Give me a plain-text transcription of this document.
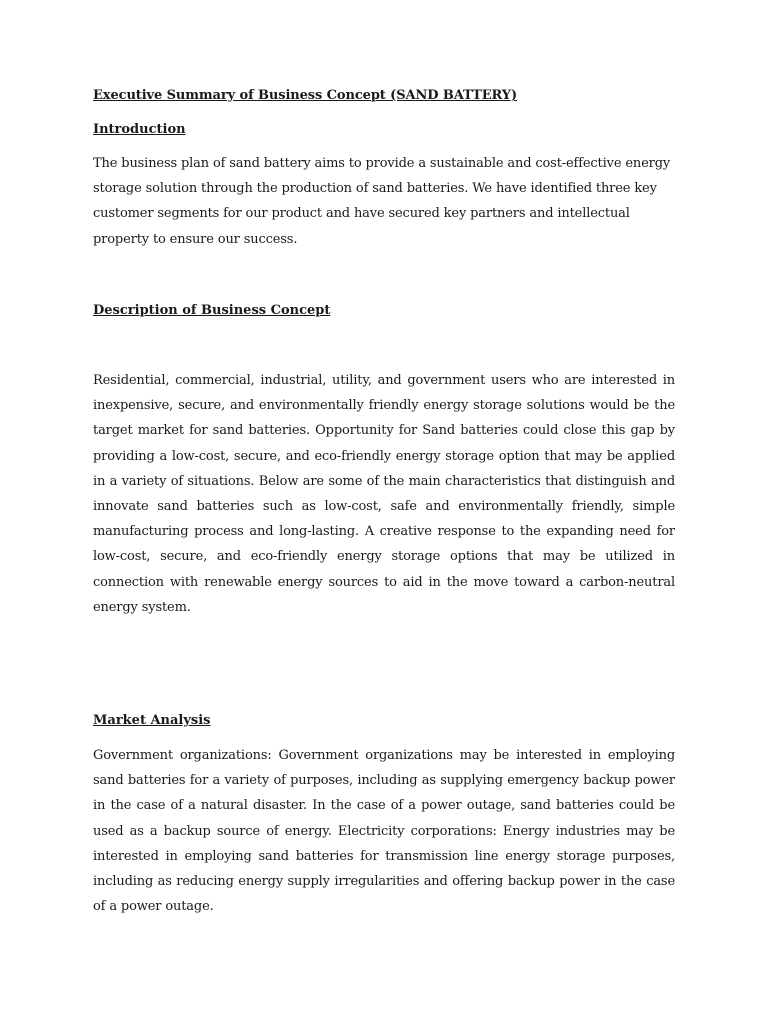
Executive Summary of Business Concept (SAND BATTERY)
Introduction

The business plan of sand battery aims to provide a sustainable and cost-effective energy storage solution through the production of sand batteries. We have identified three key customer segments for our product and have secured key partners and intellectual property to ensure our success.

Description of Business Concept

Residential, commercial, industrial, utility, and government users who are interested in inexpensive, secure, and environmentally friendly energy storage solutions would be the target market for sand batteries. Opportunity for Sand batteries could close this gap by providing a low-cost, secure, and eco-friendly energy storage option that may be applied in a variety of situations. Below are some of the main characteristics that distinguish and innovate sand batteries such as low-cost, safe and environmentally friendly, simple manufacturing process and long-lasting. A creative response to the expanding need for low-cost, secure, and eco-friendly energy storage options that may be utilized in connection with renewable energy sources to aid in the move toward a carbon-neutral energy system.

Market Analysis

Government organizations: Government organizations may be interested in employing sand batteries for a variety of purposes, including as supplying emergency backup power in the case of a natural disaster. In the case of a power outage, sand batteries could be used as a backup source of energy. Electricity corporations: Energy industries may be interested in employing sand batteries for transmission line energy storage purposes, including as reducing energy supply irregularities and offering backup power in the case of a power outage.
